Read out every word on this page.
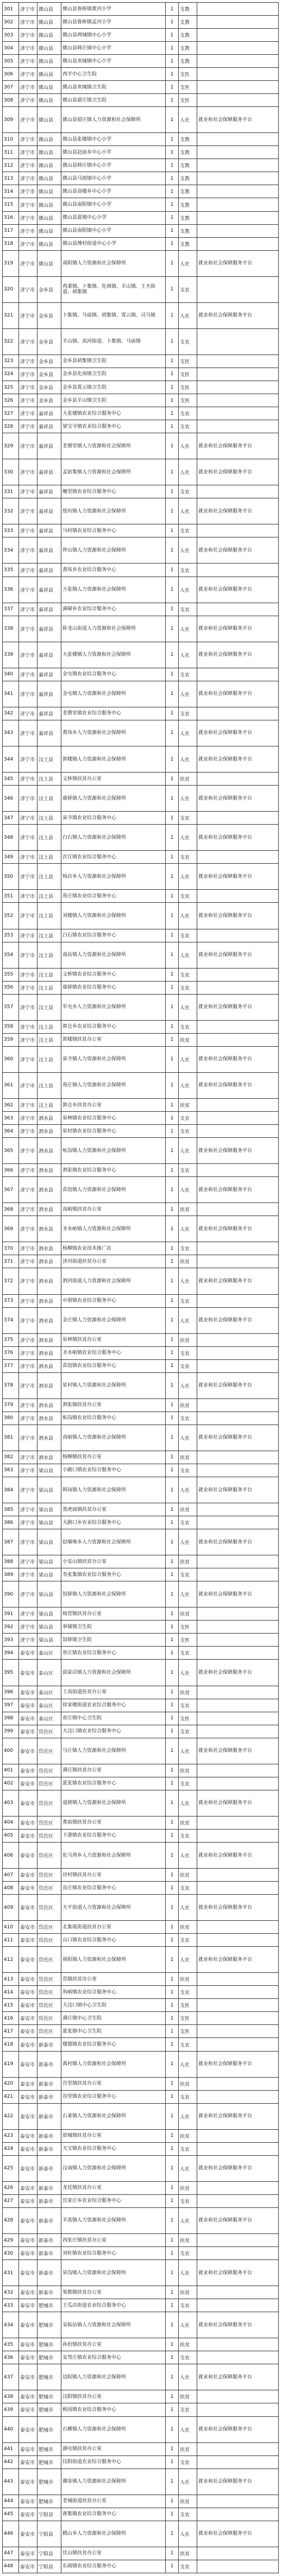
301	济宁市	微山县	微山县鲁桥镇黄河小学	1	支教	
302	济宁市	微山县	微山县鲁桥镇孟河小学	1	支教	
303	济宁市	微山县	微山县两城镇中心小学	1	支教	
304	济宁市	微山县	微山县韩庄镇中心小学	1	支教	
305	济宁市	微山县	微山县欢城镇中心小学	1	支教	
306	济宁市	微山县	西平中心卫生院	1	支医	
307	济宁市	微山县	微山县欢城镇卫生院	1	支医	
308	济宁市	微山县	微山县留庄镇卫生院	1	支医	
309	济宁市	微山县	微山县留庄镇人力资源和社会保障所	1	人社	就业和社会保障服务平台
310	济宁市	微山县	微山县张楼镇中心小学	1	支教	
311	济宁市	微山县	微山县赵庙乡中心小学	1	支教	
312	济宁市	微山县	微山县韩庄镇中心小学	1	支教	
313	济宁市	微山县	微山县马坡镇中心小学	1	支教	
314	济宁市	微山县	微山县高楼乡中心小学	1	支教	
315	济宁市	微山县	微山县南阳镇中心小学	1	支教	
316	济宁市	微山县	微山县夏镇中心小学	1	支教	
317	济宁市	微山县	微山县南阳镇中心小学	1	支教	
318	济宁市	微山县	微山县傅村街道中心小学	1	支教	
319	济宁市	微山县	南阳镇人力资源和社会保障所	1	人社	就业和社会保障服务平台
320	济宁市	金乡县	鸡黍镇、卜集镇、化雨镇、羊山镇、王丕街道、胡集镇	1	支农	
321	济宁市	金乡县	卜集镇、马庙镇、胡集镇、霄云镇、司马镇	1	人社	就业和社会保障服务平台
322	济宁市	金乡县	羊山镇、高河街道、卜集镇、马庙镇	1	支农	
323	济宁市	金乡县	金乡县胡集镇卫生院	1	支医	
324	济宁市	金乡县	金乡县化雨镇卫生院	1	支医	
325	济宁市	金乡县	金乡县霄云镇卫生院	1	支医	
326	济宁市	金乡县	金乡县羊山镇卫生院	1	支医	
327	济宁市	嘉祥县	大张楼镇农业综合服务中心	1	支农	
328	济宁市	嘉祥县	梁宝寺镇农业综合服务中心	1	支农	
329	济宁市	嘉祥县	老僧堂镇人力资源和社会保障所	1	人社	就业和社会保障服务平台
330	济宁市	嘉祥县	孟姑集镇人力资源和社会保障所	1	人社	就业和社会保障服务平台
331	济宁市	嘉祥县	疃里镇农业综合服务中心	1	支农	
332	济宁市	嘉祥县	纸坊镇人力资源和社会保障所	1	人社	就业和社会保障服务平台
333	济宁市	嘉祥县	马村镇农业综合服务中心	1	支农	
334	济宁市	嘉祥县	仲山镇人力资源和社会保障所	1	人社	就业和社会保障服务平台
335	济宁市	嘉祥县	黄垓乡农业综合服务中心	1	支农	
336	济宁市	嘉祥县	万张镇人力资源和社会保障所	1	人社	就业和社会保障服务平台
337	济宁市	嘉祥县	满硐乡农业综合服务中心	1	支农	
338	济宁市	嘉祥县	卧龙山街道人力资源和社会保障所	1	人社	就业和社会保障服务平台
339	济宁市	嘉祥县	大张楼镇人力资源和社会保障所	1	人社	就业和社会保障服务平台
340	济宁市	嘉祥县	金屯镇农业综合服务中心	1	支农	
341	济宁市	嘉祥县	金屯镇人力资源和社会保障所	1	人社	就业和社会保障服务平台
342	济宁市	嘉祥县	老僧堂镇农业综合服务中心	1	支农	
343	济宁市	嘉祥县	黄垓乡人力资源和社会保障所	1	人社	就业和社会保障服务平台
344	济宁市	汶上县	郭楼镇人力资源和社会保障所	1	人社	就业和社会保障服务平台
345	济宁市	汶上县	义桥镇扶贫办公室	1	扶贫	
346	济宁市	汶上县	康驿镇人力资源和社会保障所	1	人社	就业和社会保障服务平台
347	济宁市	汶上县	寅寺镇农业综合服务中心	1	支农	
348	济宁市	汶上县	白石镇人力资源和社会保障所	1	人社	就业和社会保障服务平台
349	济宁市	汶上县	次丘镇农业综合服务中心	1	支农	
350	济宁市	汶上县	杨店乡人力资源和社会保障所	1	人社	就业和社会保障服务平台
351	济宁市	汶上县	苑庄镇农业综合服务中心	1	支农	
352	济宁市	汶上县	刘楼镇人力资源和社会保障所	1	人社	就业和社会保障服务平台
353	济宁市	汶上县	白石镇农业综合服务中心	1	支农	
354	济宁市	汶上县	南站镇人力资源和社会保障所	1	人社	就业和社会保障服务平台
355	济宁市	汶上县	义桥镇农业综合服务中心	1	支农	
356	济宁市	汶上县	康驿镇农业综合服务中心	1	支农	
357	济宁市	汶上县	军屯乡人力资源和社会保障所	1	人社	就业和社会保障服务平台
358	济宁市	汶上县	郭仓乡农业综合服务中心	1	支农	
359	济宁市	汶上县	郭楼镇扶贫办公室	1	扶贫	
360	济宁市	汶上县	寅寺镇人力资源和社会保障所	1	人社	就业和社会保障服务平台
361	济宁市	汶上县	苑庄镇人力资源和社会保障所	1	人社	就业和社会保障服务平台
362	济宁市	汶上县	郭仓乡扶贫办公室	1	扶贫	
363	济宁市	泗水县	泉林镇农业综合服务中心	1	支农	
364	济宁市	泗水县	星村镇农业综合服务中心	1	支农	
365	济宁市	泗水县	柘沟镇人力资源和社会保障所	1	人社	就业和社会保障服务平台
366	济宁市	泗水县	泗张镇农业综合服务中心	1	支农	
367	济宁市	泗水县	苗馆镇人力资源和社会保障所	1	人社	就业和社会保障服务平台
368	济宁市	泗水县	高峪镇扶贫办公室	1	扶贫	
369	济宁市	泗水县	圣水峪镇人力资源和社会保障所	1	人社	就业和社会保障服务平台
370	济宁市	泗水县	杨柳镇农业技术推广站	1	支农	
371	济宁市	泗水县	济河街道扶贫办公室	1	扶贫	
372	济宁市	泗水县	泗河街道人力资源和社会保障所	1	人社	就业和社会保障服务平台
373	济宁市	泗水县	中册镇农业综合服务中心	1	支农	
374	济宁市	泗水县	金庄镇人力资源和社会保障所	1	人社	就业和社会保障服务平台
375	济宁市	泗水县	泉林镇扶贫办公室	1	扶贫	
376	济宁市	泗水县	圣水峪镇农业综合服务中心	1	支农	
377	济宁市	泗水县	苗馆镇农业综合服务中心	1	支农	
378	济宁市	泗水县	星村镇人力资源和社会保障所	1	人社	就业和社会保障服务平台
379	济宁市	泗水县	泗张镇扶贫办公室	1	扶贫	
380	济宁市	泗水县	柘沟镇农业综合服务中心	1	支农	
381	济宁市	泗水县	高峪镇人力资源和社会保障所	1	人社	就业和社会保障服务平台
382	济宁市	泗水县	杨柳镇扶贫办公室	1	扶贫	
383	济宁市	梁山县	小路口镇农业综合服务中心	1	支农	
384	济宁市	梁山县	韩岗镇人力资源和社会保障所	1	人社	就业和社会保障服务平台
385	济宁市	梁山县	黑虎庙镇扶贫办公室	1	扶贫	
386	济宁市	梁山县	大路口乡农业综合服务中心	1	支农	
387	济宁市	梁山县	赵堌堆乡人力资源和社会保障所	1	人社	就业和社会保障服务平台
388	济宁市	梁山县	小安山镇扶贫办公室	1	扶贫	
389	济宁市	梁山县	寿张集镇农业综合服务中心	1	支农	
390	济宁市	梁山县	馆驿镇人力资源和社会保障所	1	人社	就业和社会保障服务平台
391	济宁市	梁山县	杨营镇扶贫办公室	1	扶贫	
392	济宁市	梁山县	拳铺镇卫生院	1	支医	
393	济宁市	梁山县	馆驿镇卫生院	1	支医	
394	泰安市	泰山区	省庄镇农业综合服务中心	1	支农	
395	泰安市	泰山区	邱家店镇人力资源和社会保障所	1	人社	就业和社会保障服务平台
396	泰安市	泰山区	上高街道扶贫办公室	1	扶贫	
397	泰安市	泰山区	徐家楼街道农业综合服务中心	1	支农	
398	泰安市	泰山区	省庄镇中心卫生院	1	支医	
399	泰安市	岱岳区	大汶口镇农业综合服务中心	1	支农	
400	泰安市	岱岳区	马庄镇人力资源和社会保障所	1	人社	就业和社会保障服务平台
401	泰安市	岱岳区	满庄镇扶贫办公室	1	扶贫	
402	泰安市	岱岳区	夏张镇农业综合服务中心	1	支农	
403	泰安市	岱岳区	道朗镇人力资源和社会保障所	1	人社	就业和社会保障服务平台
404	泰安市	岱岳区	黄前镇扶贫办公室	1	扶贫	
405	泰安市	岱岳区	下港镇农业综合服务中心	1	支农	
406	泰安市	岱岳区	化马湾乡人力资源和社会保障所	1	人社	就业和社会保障服务平台
407	泰安市	岱岳区	房村镇扶贫办公室	1	扶贫	
408	泰安市	岱岳区	良庄镇农业综合服务中心	1	支农	
409	泰安市	岱岳区	天平街道人力资源和社会保障所	1	人社	就业和社会保障服务平台
410	泰安市	岱岳区	北集坡街道扶贫办公室	1	扶贫	
411	泰安市	岱岳区	山口镇农业综合服务中心	1	支农	
412	泰安市	岱岳区	祝阳镇人力资源和社会保障所	1	人社	就业和社会保障服务平台
413	泰安市	岱岳区	范镇扶贫办公室	1	扶贫	
414	泰安市	岱岳区	角峪镇农业综合服务中心	1	支农	
415	泰安市	岱岳区	大汶口镇中心卫生院	1	支医	
416	泰安市	岱岳区	满庄镇中心卫生院	1	支医	
417	泰安市	岱岳区	夏张镇中心卫生院	1	支医	
418	泰安市	新泰市	楼德镇农业综合服务中心	1	支农	
419	泰安市	新泰市	禹村镇人力资源和社会保障所	1	人社	就业和社会保障服务平台
420	泰安市	新泰市	宫里镇扶贫办公室	1	扶贫	
421	泰安市	新泰市	谷里镇农业综合服务中心	1	支农	
422	泰安市	新泰市	石莱镇人力资源和社会保障所	1	人社	就业和社会保障服务平台
423	泰安市	新泰市	放城镇扶贫办公室	1	扶贫	
424	泰安市	新泰市	天宝镇农业综合服务中心	1	支农	
425	泰安市	新泰市	汶南镇人力资源和社会保障所	1	人社	就业和社会保障服务平台
426	泰安市	新泰市	龙廷镇扶贫办公室	1	扶贫	
427	泰安市	新泰市	岳家庄乡农业综合服务中心	1	支农	
428	泰安市	新泰市	羊流镇人力资源和社会保障所	1	人社	就业和社会保障服务平台
429	泰安市	新泰市	西张庄镇扶贫办公室	1	扶贫	
430	泰安市	新泰市	刘杜镇农业综合服务中心	1	支农	
431	泰安市	新泰市	泉沟镇人力资源和社会保障所	1	人社	就业和社会保障服务平台
432	泰安市	新泰市	果都镇扶贫办公室	1	扶贫	
433	泰安市	肥城市	王瓜店街道农业综合服务中心	1	支农	
434	泰安市	肥城市	安临站镇人力资源和社会保障所	1	人社	就业和社会保障服务平台
435	泰安市	肥城市	孙伯镇扶贫办公室	1	扶贫	
436	泰安市	肥城市	安驾庄镇农业综合服务中心	1	支农	
437	泰安市	肥城市	边院镇人力资源和社会保障所	1	人社	就业和社会保障服务平台
438	泰安市	肥城市	汶阳镇扶贫办公室	1	扶贫	
439	泰安市	肥城市	桃园镇农业综合服务中心	1	支农	
440	泰安市	肥城市	石横镇人力资源和社会保障所	1	人社	就业和社会保障服务平台
441	泰安市	肥城市	湖屯镇扶贫办公室	1	扶贫	
442	泰安市	肥城市	仪阳街道农业综合服务中心	1	支农	
443	泰安市	肥城市	潮泉镇人力资源和社会保障所	1	人社	就业和社会保障服务平台
444	泰安市	肥城市	老城街道扶贫办公室	1	扶贫	
445	泰安市	宁阳县	蒋集镇农业综合服务中心	1	支农	
446	泰安市	宁阳县	鹤山乡人力资源和社会保障所	1	人社	就业和社会保障服务平台
447	泰安市	宁阳县	伏山镇扶贫办公室	1	扶贫	
448	泰安市	宁阳县	东疏镇农业综合服务中心	1	支农	
